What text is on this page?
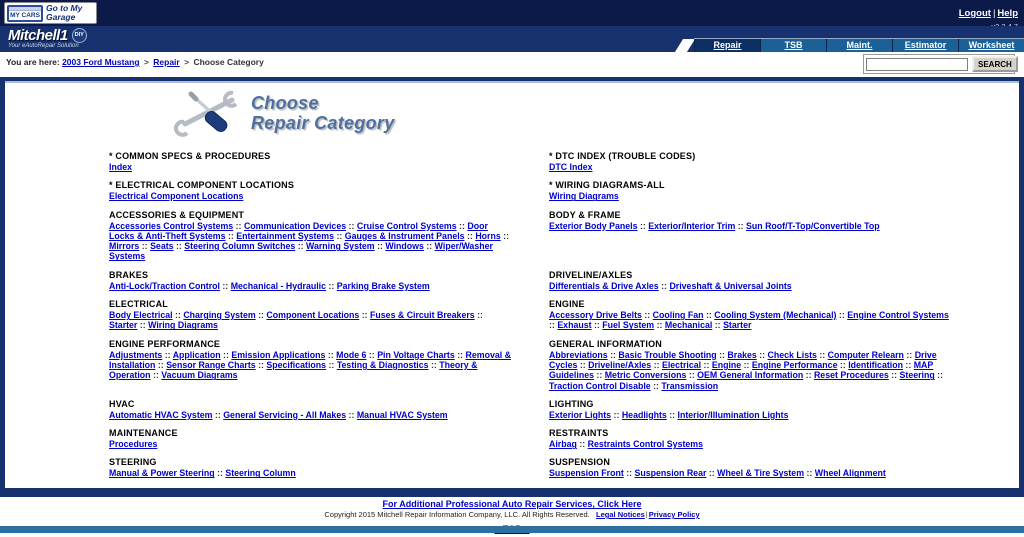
MY CARS
Go to My Garage	Logout | Help
Mitchell1	DIY
Your eAutoRepair Solution	Repair	TSB	Maint.	Estimator	Worksheet
You are here: 2003 Ford Mustang > Repair > Choose Category	SEARCH
Choose
Repair Category
* COMMON SPECS & PROCEDURES
Index
* DTC INDEX (TROUBLE CODES)
DTC Index
* ELECTRICAL COMPONENT LOCATIONS
Electrical Component Locations
* WIRING DIAGRAMS-ALL
Wiring Diagrams
ACCESSORIES & EQUIPMENT
Accessories Control Systems :: Communication Devices :: Cruise Control Systems :: Door Locks & Anti-Theft Systems :: Entertainment Systems :: Gauges & Instrument Panels :: Horns :: Mirrors :: Seats :: Steering Column Switches :: Warning System :: Windows :: Wiper/Washer Systems
BODY & FRAME
Exterior Body Panels :: Exterior/Interior Trim :: Sun Roof/T-Top/Convertible Top
BRAKES
Anti-Lock/Traction Control :: Mechanical - Hydraulic :: Parking Brake System
DRIVELINE/AXLES
Differentials & Drive Axles :: Driveshaft & Universal Joints
ELECTRICAL
Body Electrical :: Charging System :: Component Locations :: Fuses & Circuit Breakers :: Starter :: Wiring Diagrams
ENGINE
Accessory Drive Belts :: Cooling Fan :: Cooling System (Mechanical) :: Engine Control Systems :: Exhaust :: Fuel System :: Mechanical :: Starter
ENGINE PERFORMANCE
Adjustments :: Application :: Emission Applications :: Mode 6 :: Pin Voltage Charts :: Removal & Installation :: Sensor Range Charts :: Specifications :: Testing & Diagnostics :: Theory & Operation :: Vacuum Diagrams
GENERAL INFORMATION
Abbreviations :: Basic Trouble Shooting :: Brakes :: Check Lists :: Computer Relearn :: Drive Cycles :: Driveline/Axles :: Electrical :: Engine :: Engine Performance :: Identification :: MAP Guidelines :: Metric Conversions :: OEM General Information :: Reset Procedures :: Steering :: Traction Control Disable :: Transmission
HVAC
Automatic HVAC System :: General Servicing - All Makes :: Manual HVAC System
LIGHTING
Exterior Lights :: Headlights :: Interior/Illumination Lights
MAINTENANCE
Procedures
RESTRAINTS
Airbag :: Restraints Control Systems
STEERING
Manual & Power Steering :: Steering Column
SUSPENSION
Suspension Front :: Suspension Rear :: Wheel & Tire System :: Wheel Alignment
For Additional Professional Auto Repair Services, Click Here
Copyright 2015 Mitchell Repair Information Company, LLC. All Rights Reserved. Legal Notices|Privacy Policy
